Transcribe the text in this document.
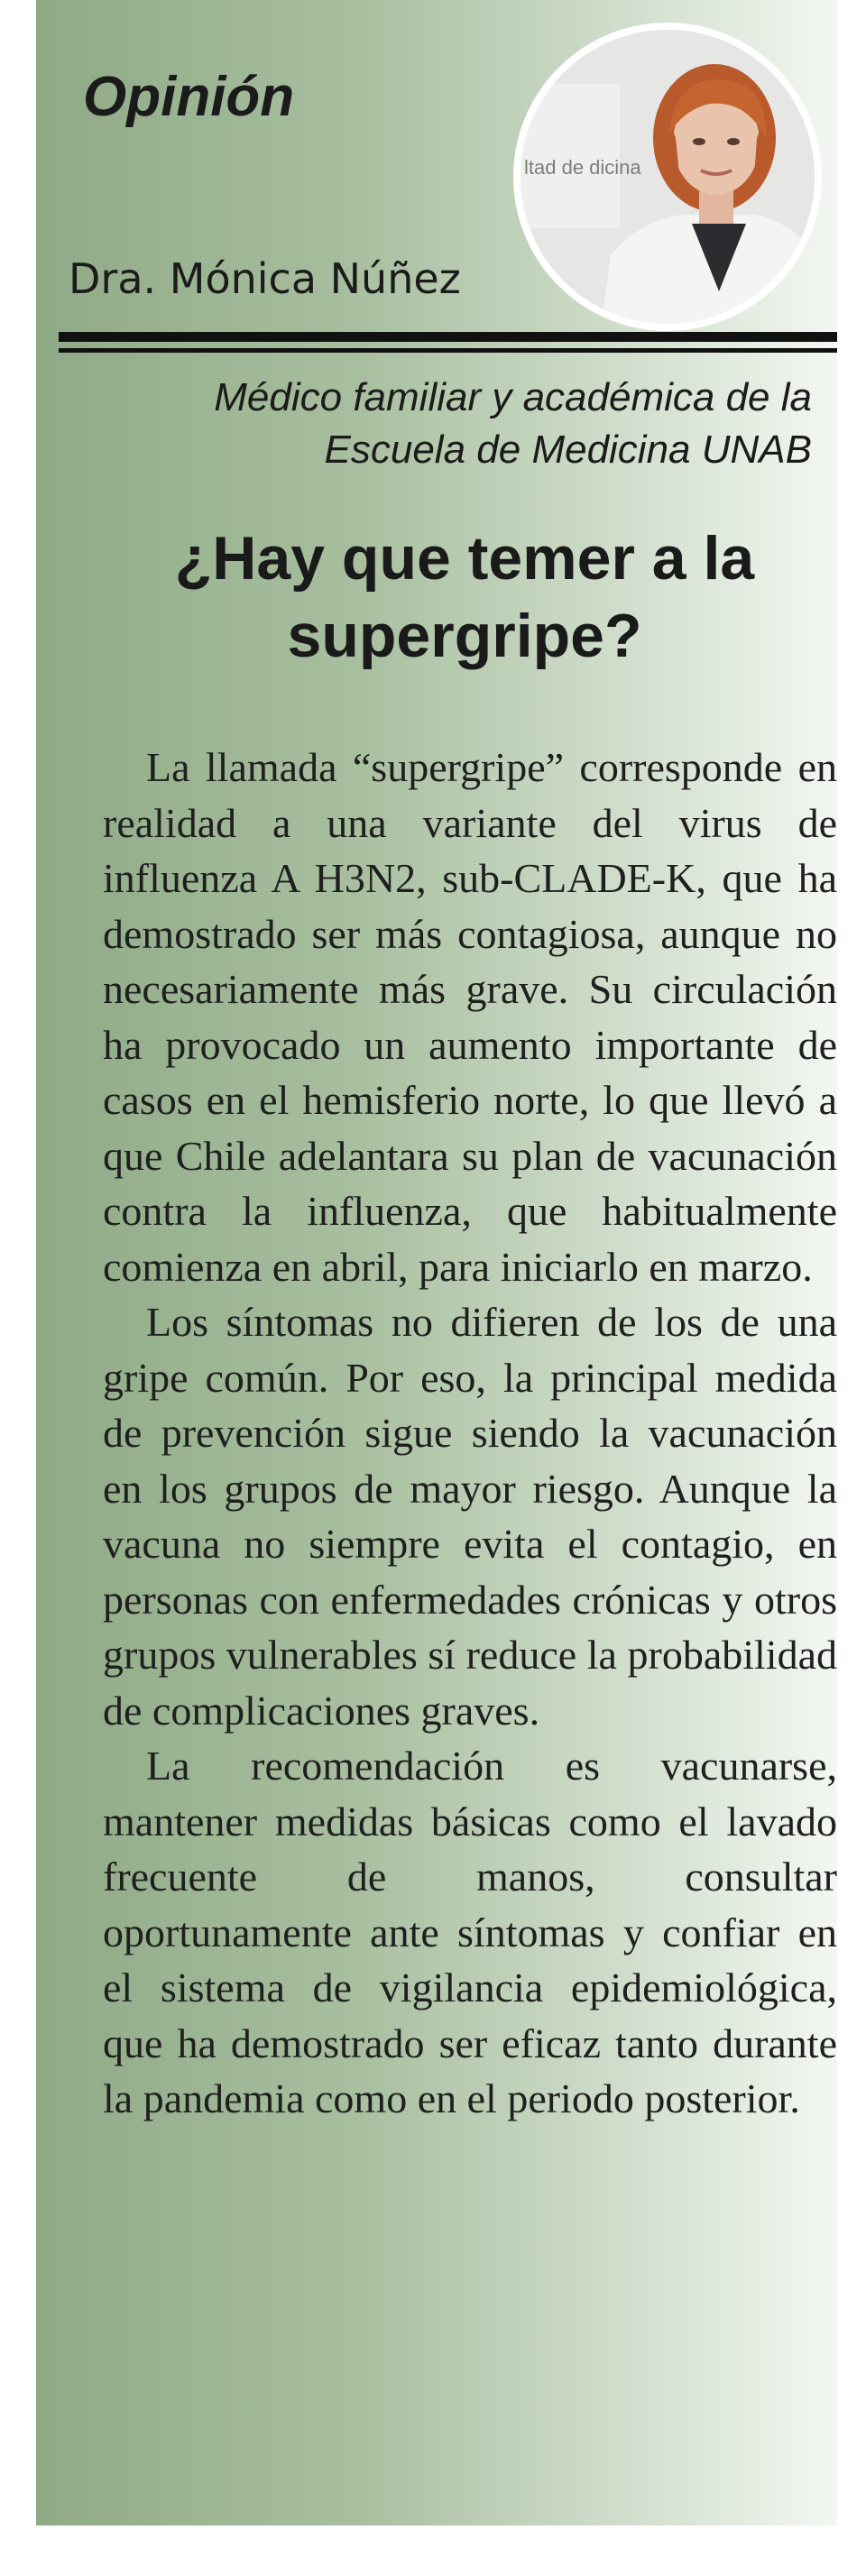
Opinión
Dra. Mónica Núñez
ltad de dicina

Médico familiar y académica de la Escuela de Medicina UNAB

¿Hay que temer a la supergripe?

La llamada “supergripe” corresponde en realidad a una variante del virus de influenza A H3N2, sub-CLADE-K, que ha demostrado ser más contagiosa, aunque no necesariamente más grave. Su circulación ha provocado un aumento importante de casos en el hemisferio norte, lo que llevó a que Chile adelantara su plan de vacunación contra la influenza, que habitualmente comienza en abril, para iniciarlo en marzo.

Los síntomas no difieren de los de una gripe común. Por eso, la principal medida de prevención sigue siendo la vacunación en los grupos de mayor riesgo. Aunque la vacuna no siempre evita el contagio, en personas con enfermedades crónicas y otros grupos vulnerables sí reduce la probabilidad de complicaciones graves.

La recomendación es vacunarse, mantener medidas básicas como el lavado frecuente de manos, consultar oportunamente ante síntomas y confiar en el sistema de vigilancia epidemiológica, que ha demostrado ser eficaz tanto durante la pandemia como en el periodo posterior.
